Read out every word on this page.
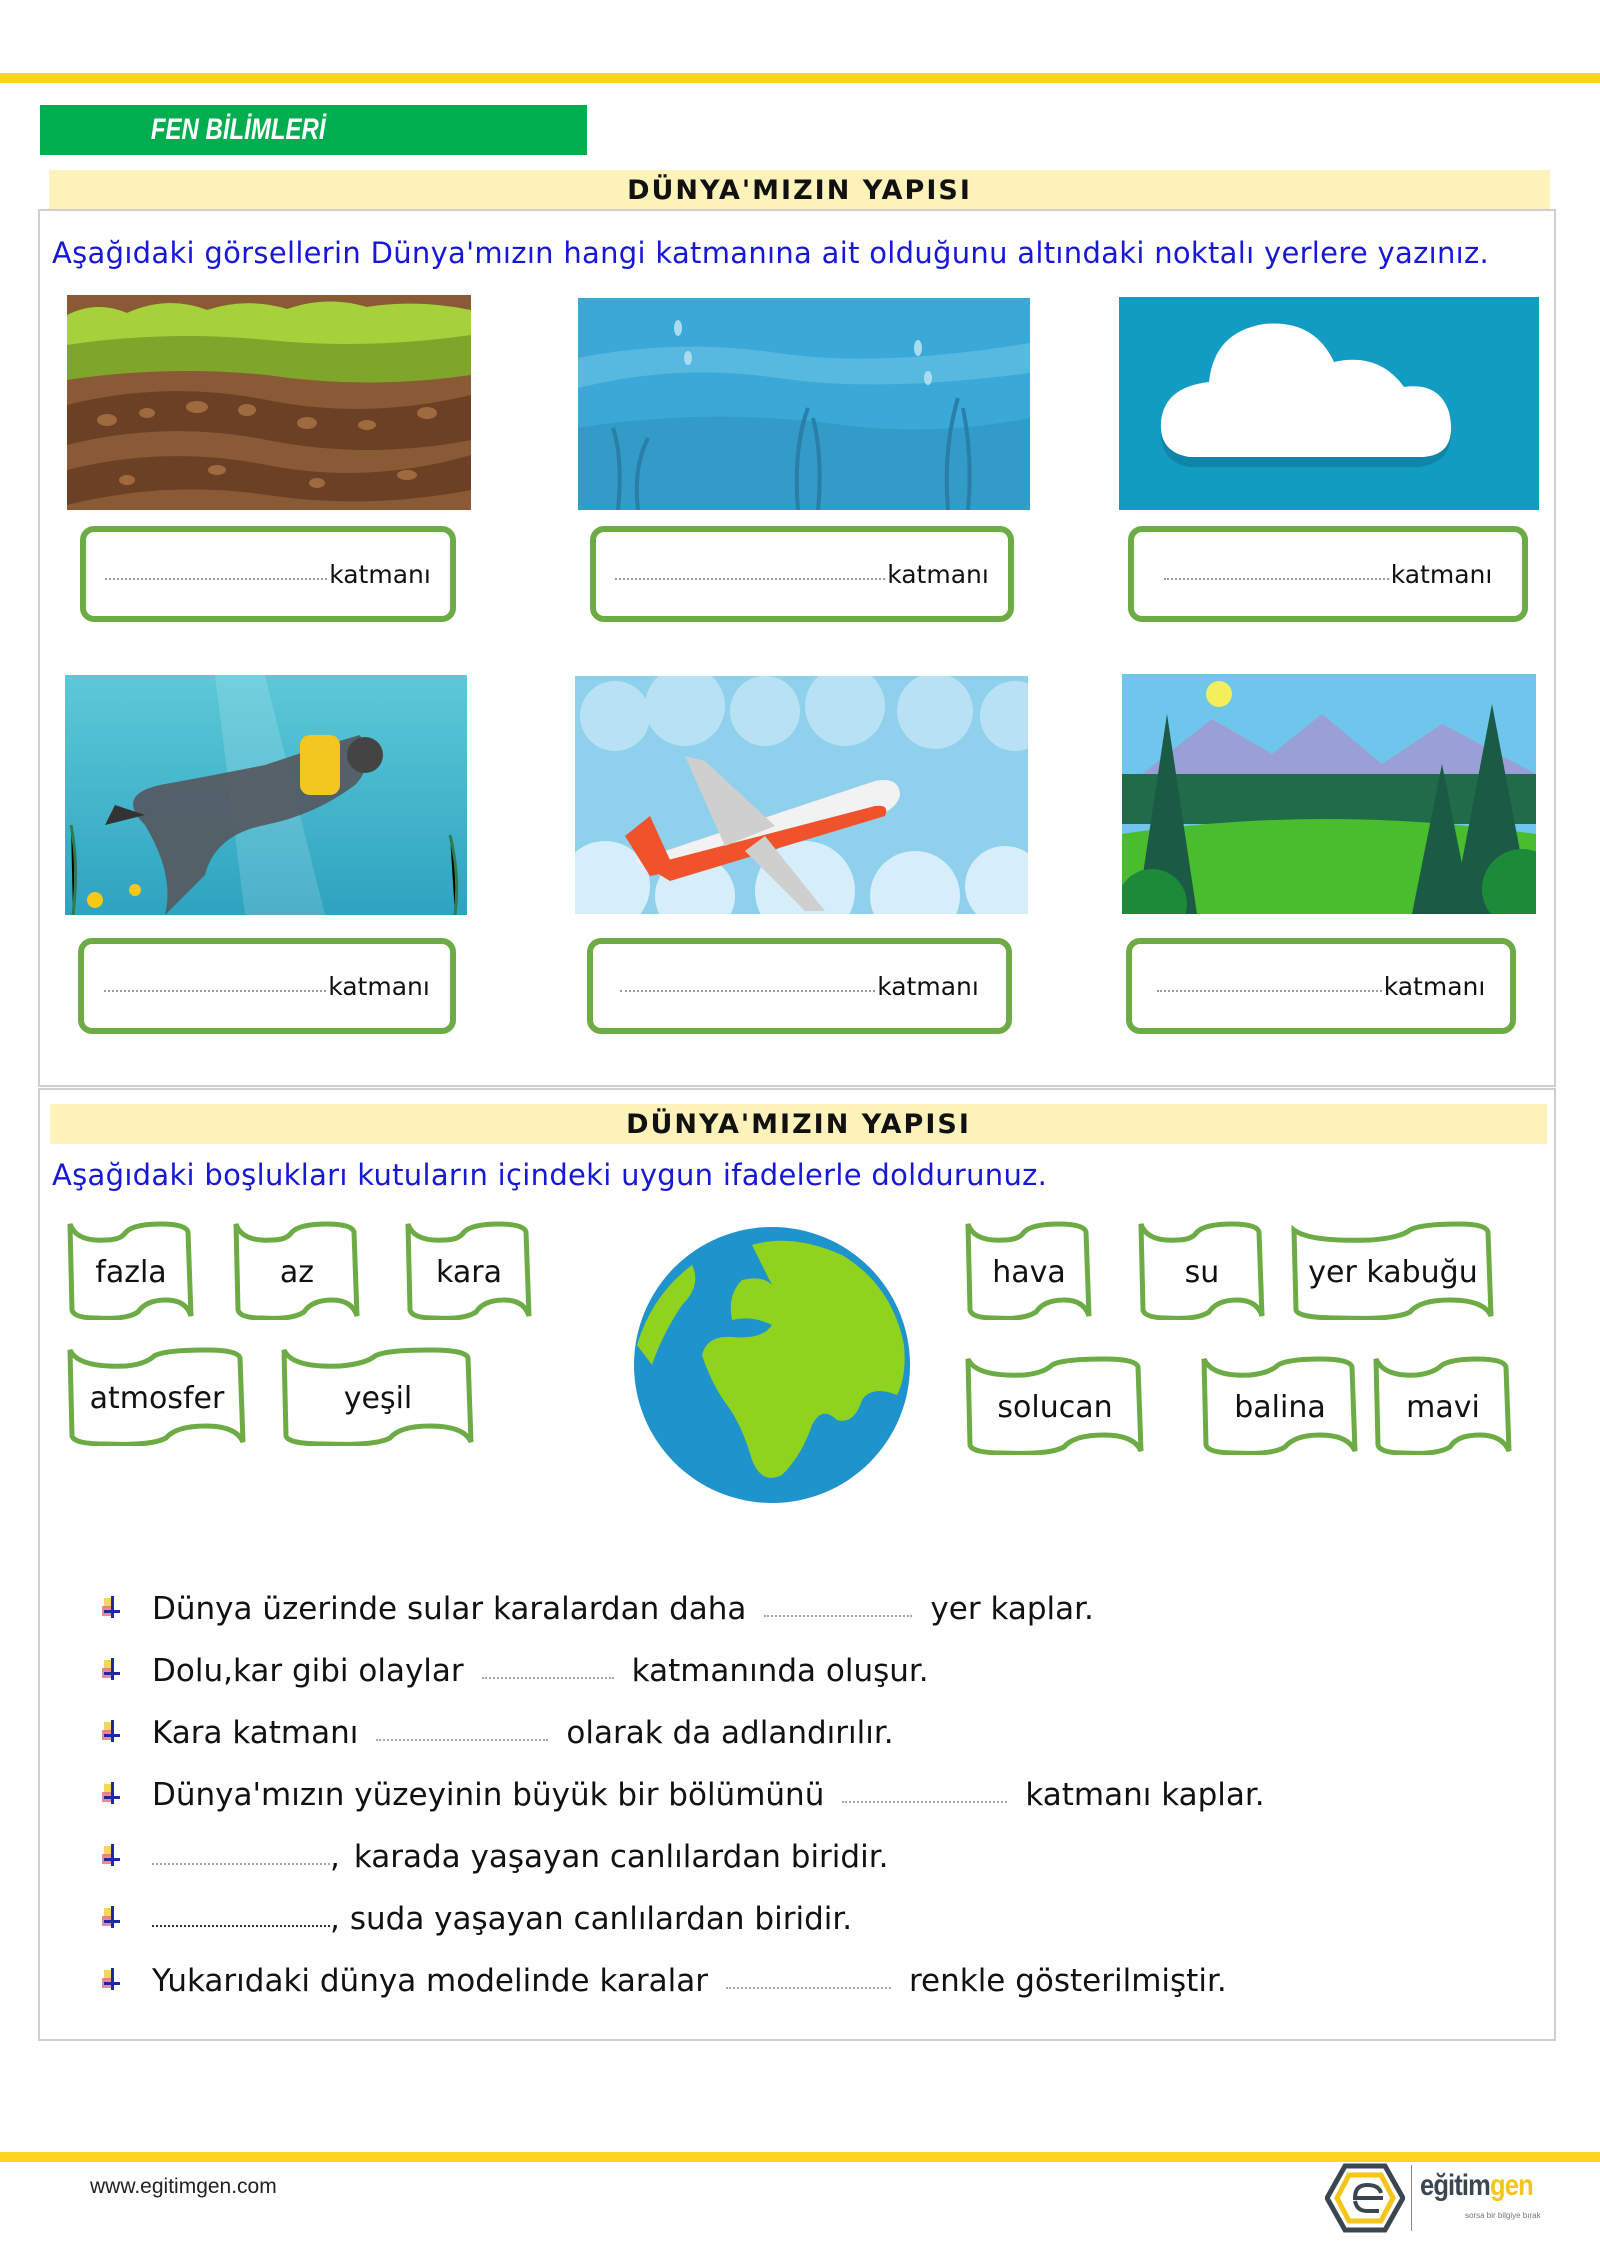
FEN BİLİMLERİ
DÜNYA'MIZIN YAPISI
Aşağıdaki görsellerin Dünya'mızın hangi katmanına ait olduğunu altındaki noktalı yerlere yazınız.
katmanı	katmanı	katmanı
katmanı	katmanı	katmanı
DÜNYA'MIZIN YAPISI
Aşağıdaki boşlukları kutuların içindeki uygun ifadelerle doldurunuz.
fazla	az	kara
atmosfer	yeşil
hava	su	yer kabuğu
solucan	balina	mavi
Dünya üzerinde sular karalardan daha	yer kaplar.
Dolu,kar gibi olaylar	katmanında oluşur.
Kara katmanı	olarak da adlandırılır.
Dünya'mızın yüzeyinin büyük bir bölümünü	katmanı kaplar.
, karada yaşayan canlılardan biridir.
, suda yaşayan canlılardan biridir.
Yukarıdaki dünya modelinde karalar	renkle gösterilmiştir.
www.egitimgen.com	eğitimgen
sorsa bir bilgiye bırak
